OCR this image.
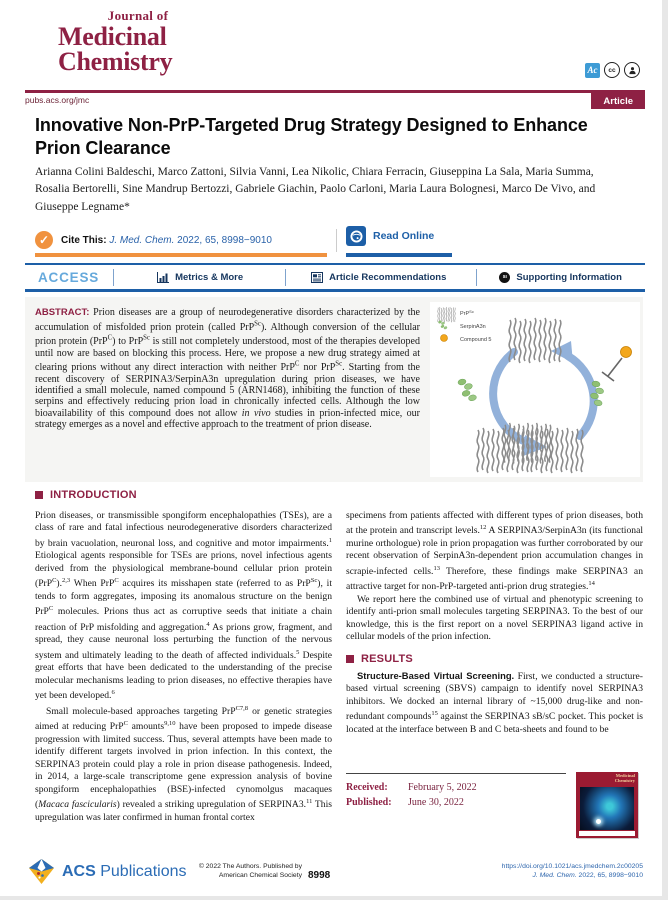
Journal of
Medicinal
Chemistry	Ac	cc
pubs.acs.org/jmc	Article
Innovative Non-PrP-Targeted Drug Strategy Designed to Enhance Prion Clearance
Arianna Colini Baldeschi, Marco Zattoni, Silvia Vanni, Lea Nikolic, Chiara Ferracin, Giuseppina La Sala, Maria Summa, Rosalia Bertorelli, Sine Mandrup Bertozzi, Gabriele Giachin, Paolo Carloni, Maria Laura Bolognesi, Marco De Vivo, and Giuseppe Legname*
✓	Cite This: J. Med. Chem. 2022, 65, 8998−9010	Read Online
ACCESS	Metrics & More	Article Recommendations	sı Supporting Information
ABSTRACT: Prion diseases are a group of neurodegenerative disorders characterized by the accumulation of misfolded prion protein (called PrP$^{Sc}$). Although conversion of the cellular prion protein (PrP$^C$) to PrP$^{Sc}$ is still not completely understood, most of the therapies developed until now are based on blocking this process. Here, we propose a new drug strategy aimed at clearing prions without any direct interaction with neither PrP$^C$ nor PrP$^{Sc}$. Starting from the recent discovery of SERPINA3/SerpinA3n upregulation during prion diseases, we have identified a small molecule, named compound 5 (ARN1468), inhibiting the function of these serpins and effectively reducing prion load in chronically infected cells. Although the low bioavailability of this compound does not allow in vivo studies in prion-infected mice, our strategy emerges as a novel and effective approach to the treatment of prion disease.
PrP$^{Sc}$
SerpinA3n
Compound 5
INTRODUCTION

Prion diseases, or transmissible spongiform encephalopathies (TSEs), are a class of rare and fatal infectious neurodegenerative disorders characterized by brain vacuolation, neuronal loss, and cognitive and motor impairments.$^1$ Etiological agents responsible for TSEs are prions, novel infectious agents derived from the physiological membrane-bound cellular prion protein (PrP$^C$).$^{2,3}$ When PrP$^C$ acquires its misshapen state (referred to as PrP$^{Sc}$), it tends to form aggregates, imposing its anomalous structure on the benign PrP$^C$ molecules. Prions thus act as corruptive seeds that initiate a chain reaction of PrP misfolding and aggregation.$^4$ As prions grow, fragment, and spread, they cause neuronal loss perturbing the function of the nervous system and ultimately leading to the death of affected individuals.$^5$ Despite great efforts that have been dedicated to the understanding of the precise molecular mechanisms leading to prion diseases, no effective therapies have yet been developed.$^6$

Small molecule-based approaches targeting PrP$^{C7,8}$ or genetic strategies aimed at reducing PrP$^C$ amounts$^{9,10}$ have been proposed to impede disease progression with limited success. Thus, several attempts have been made to identify different targets involved in prion infection. In this context, the SERPINA3 protein could play a role in prion disease pathogenesis. Indeed, in 2014, a large-scale transcriptome gene expression analysis of bovine spongiform encephalopathies (BSE)-infected cynomolgus macaques (Macaca fascicularis) revealed a striking upregulation of SERPINA3.11 This upregulation was later confirmed in human frontal cortex

specimens from patients affected with different types of prion diseases, both at the protein and transcript levels.$^{12}$ A SERPINA3/SerpinA3n (its functional murine orthologue) role in prion propagation was further corroborated by our recent observation of SerpinA3n-dependent prion accumulation changes in scrapie-infected cells.$^{13}$ Therefore, these findings make SERPINA3 an attractive target for non-PrP-targeted anti-prion drug strategies.$^{14}$

We report here the combined use of virtual and phenotypic screening to identify anti-prion small molecules targeting SERPINA3. To the best of our knowledge, this is the first report on a novel SERPINA3 ligand active in cellular models of the prion infection.

RESULTS

Structure-Based Virtual Screening. First, we conducted a structure-based virtual screening (SBVS) campaign to identify novel SERPINA3 inhibitors. We docked an internal library of ~15,000 drug-like and non-redundant compounds$^{15}$ against the SERPINA3 sB/sC pocket. This pocket is located at the interface between B and C beta-sheets and found to be

Received: February 5, 2022
Published: June 30, 2022
Medicinal
Chemistry
ACS Publications	© 2022 The Authors. Published by
American Chemical Society 8998
https://doi.org/10.1021/acs.jmedchem.2c00205
J. Med. Chem. 2022, 65, 8998−9010
